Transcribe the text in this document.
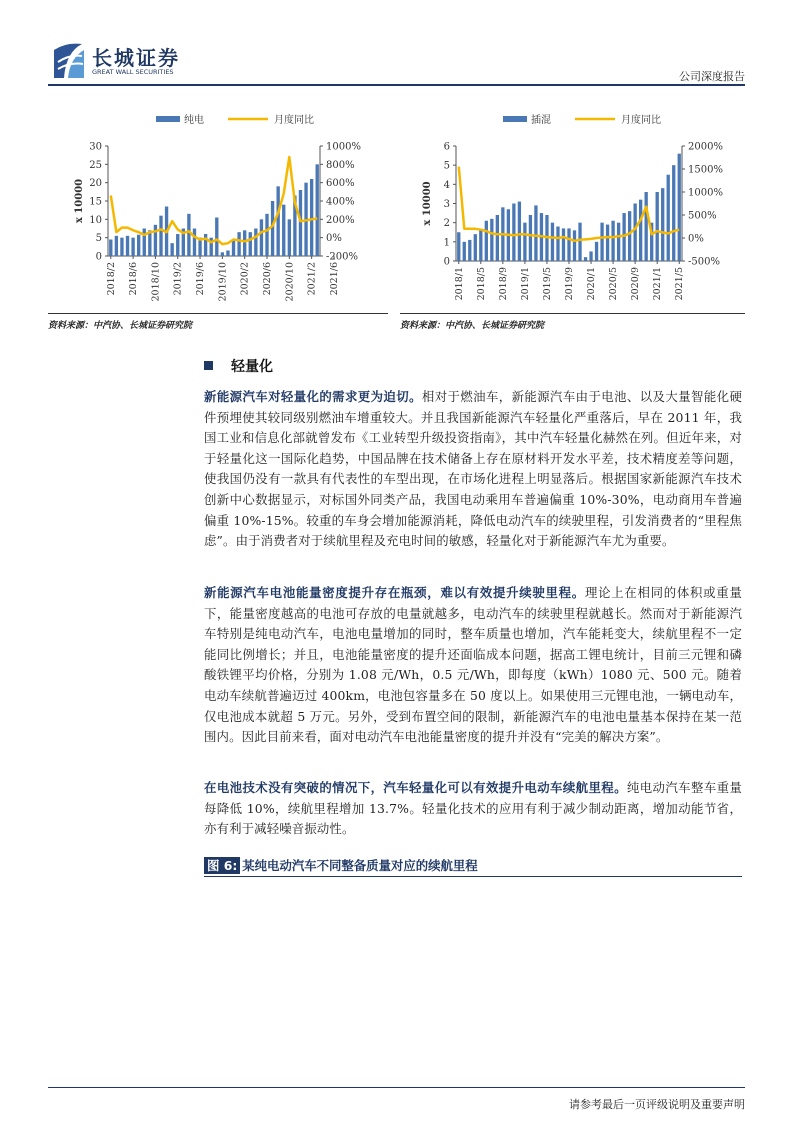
长城证券
GREAT WALL SECURITIES	公司深度报告
纯电	月度同比
0
5
10
15
20
25
30
-200%
0%
200%
400%
600%
800%
1000%
x 10000
2018/2 2018/6 2018/10 2019/2 2019/6 2019/10 2020/2 2020/6 2020/10 2021/2 2021/6
资料来源：中汽协、长城证券研究院
插混	月度同比
0
1
2
3
4
5
6
-500%
0%
500%
1000%
1500%
2000%
x 10000
2018/1 2018/5 2018/9 2019/1 2019/5 2019/9 2020/1 2020/5 2020/9 2021/1 2021/5
资料来源：中汽协、长城证券研究院
轻量化
新能源汽车对轻量化的需求更为迫切。相对于燃油车，新能源汽车由于电池、以及大量智能化硬件预埋使其较同级别燃油车增重较大。并且我国新能源汽车轻量化严重落后，早在 2011 年，我国工业和信息化部就曾发布《工业转型升级投资指南》，其中汽车轻量化赫然在列。但近年来，对于轻量化这一国际化趋势，中国品牌在技术储备上存在原材料开发水平差，技术精度差等问题，使我国仍没有一款具有代表性的车型出现，在市场化进程上明显落后。根据国家新能源汽车技术创新中心数据显示，对标国外同类产品，我国电动乘用车普遍偏重 10%-30%，电动商用车普遍偏重 10%-15%。较重的车身会增加能源消耗，降低电动汽车的续驶里程，引发消费者的“里程焦虑”。由于消费者对于续航里程及充电时间的敏感，轻量化对于新能源汽车尤为重要。
新能源汽车电池能量密度提升存在瓶颈，难以有效提升续驶里程。理论上在相同的体积或重量下，能量密度越高的电池可存放的电量就越多，电动汽车的续驶里程就越长。然而对于新能源汽车特别是纯电动汽车，电池电量增加的同时，整车质量也增加，汽车能耗变大，续航里程不一定能同比例增长；并且，电池能量密度的提升还面临成本问题，据高工锂电统计，目前三元锂和磷酸铁锂平均价格，分别为 1.08 元/Wh，0.5 元/Wh，即每度（kWh）1080 元、500 元。随着电动车续航普遍迈过 400km，电池包容量多在 50 度以上。如果使用三元锂电池，一辆电动车，仅电池成本就超 5 万元。另外，受到布置空间的限制，新能源汽车的电池电量基本保持在某一范围内。因此目前来看，面对电动汽车电池能量密度的提升并没有“完美的解决方案”。
在电池技术没有突破的情况下，汽车轻量化可以有效提升电动车续航里程。纯电动汽车整车重量每降低 10%，续航里程增加 13.7%。轻量化技术的应用有利于减少制动距离，增加动能节省，亦有利于减轻噪音振动性。
图 6: 某纯电动汽车不同整备质量对应的续航里程
请参考最后一页评级说明及重要声明
